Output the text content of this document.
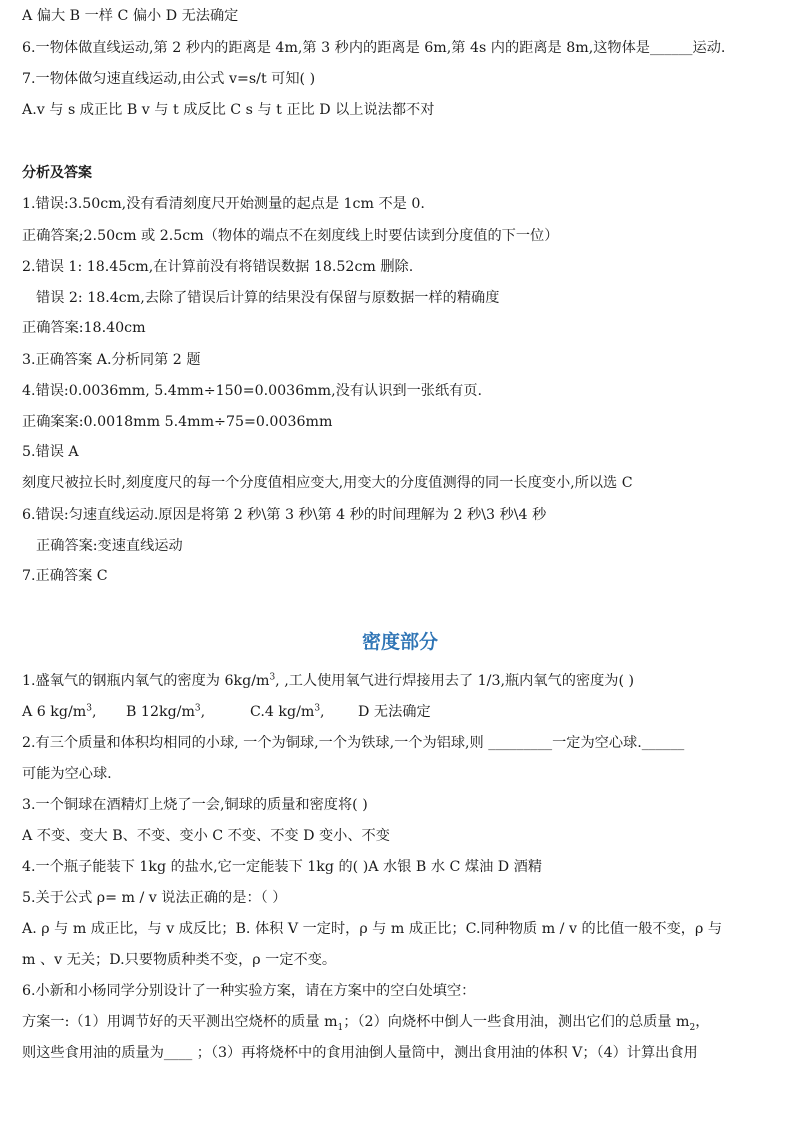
A 偏大 B 一样 C 偏小 D 无法确定
6.一物体做直线运动,第 2 秒内的距离是 4m,第 3 秒内的距离是 6m,第 4s 内的距离是 8m,这物体是______运动.
7.一物体做匀速直线运动,由公式 v=s/t 可知( )
A.v 与 s 成正比 B v 与 t 成反比 C s 与 t 正比 D 以上说法都不对
分析及答案
1.错误:3.50cm,没有看清刻度尺开始测量的起点是 1cm 不是 0.
正确答案;2.50cm 或 2.5cm（物体的端点不在刻度线上时要估读到分度值的下一位）
2.错误 1: 18.45cm,在计算前没有将错误数据 18.52cm 删除.
错误 2: 18.4cm,去除了错误后计算的结果没有保留与原数据一样的精确度
正确答案:18.40cm
3.正确答案 A.分析同第 2 题
4.错误:0.0036mm, 5.4mm÷150=0.0036mm,没有认识到一张纸有页.
正确案案:0.0018mm 5.4mm÷75=0.0036mm
5.错误 A
刻度尺被拉长时,刻度度尺的每一个分度值相应变大,用变大的分度值测得的同一长度变小,所以选 C
6.错误:匀速直线运动.原因是将第 2 秒\第 3 秒\第 4 秒的时间理解为 2 秒\3 秒\4 秒
正确答案:变速直线运动
7.正确答案 C
密度部分
1.盛氧气的钢瓶内氧气的密度为 $6kg/m^3$, ,工人使用氧气进行焊接用去了 1/3,瓶内氧气的密度为( )
A 6 $kg/m^3$, B $12kg/m^3$,	C.4 $kg/m^3$, D 无法确定
2.有三个质量和体积均相同的小球, 一个为铜球,一个为铁球,一个为铝球,则 _________一定为空心球.______
可能为空心球.
3.一个铜球在酒精灯上烧了一会,铜球的质量和密度将( )
A 不变、变大 B、不变、变小 C 不变、不变 D 变小、不变
4.一个瓶子能装下 1kg 的盐水,它一定能装下 1kg 的( )A 水银 B 水 C 煤油 D 酒精
5.关于公式 ρ= m / v 说法正确的是：（ ）
A. ρ 与 m 成正比，与 v 成反比；B. 体积 V 一定时，ρ 与 m 成正比；C.同种物质 m / v 的比值一般不变，ρ 与
m 、v 无关；D.只要物质种类不变，ρ 一定不变。
6.小新和小杨同学分别设计了一种实验方案，请在方案中的空白处填空：
方案一:（1）用调节好的天平测出空烧杯的质量 $m_1$；（2）向烧杯中倒人一些食用油，测出它们的总质量 $m_2$，
则这些食用油的质量为____ ；（3）再将烧杯中的食用油倒人量筒中，测出食用油的体积 V；（4）计算出食用
